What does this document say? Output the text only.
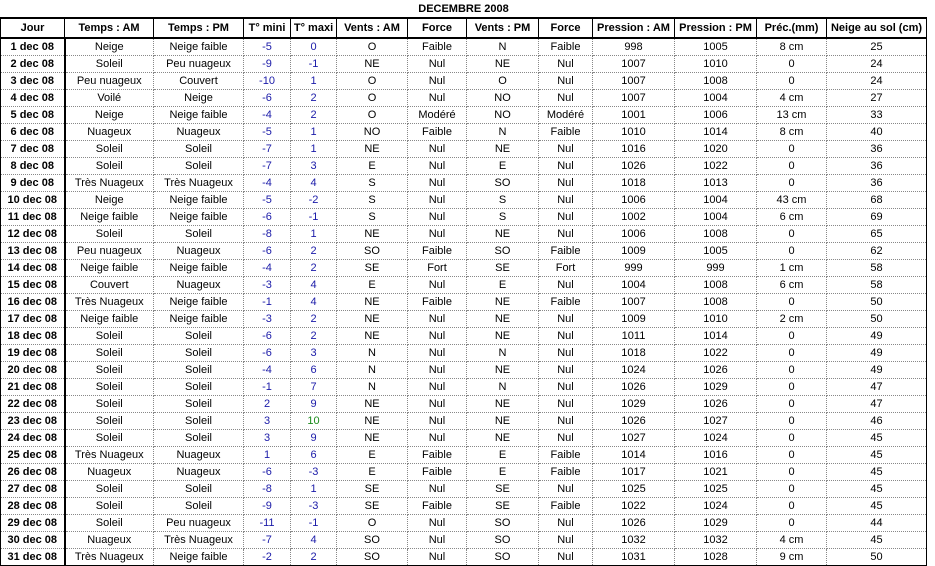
DECEMBRE 2008												
Jour	Temps : AM	Temps : PM	T° mini	T° maxi	Vents : AM	Force	Vents : PM	Force	Pression : AM	Pression : PM	Préc.(mm)	Neige au sol (cm)
1 dec 08	Neige	Neige faible	-5	0	O	Faible	N	Faible	998	1005	8 cm	25
2 dec 08	Soleil	Peu nuageux	-9	-1	NE	Nul	NE	Nul	1007	1010	0	24
3 dec 08	Peu nuageux	Couvert	-10	1	O	Nul	O	Nul	1007	1008	0	24
4 dec 08	Voilé	Neige	-6	2	O	Nul	NO	Nul	1007	1004	4 cm	27
5 dec 08	Neige	Neige faible	-4	2	O	Modéré	NO	Modéré	1001	1006	13 cm	33
6 dec 08	Nuageux	Nuageux	-5	1	NO	Faible	N	Faible	1010	1014	8 cm	40
7 dec 08	Soleil	Soleil	-7	1	NE	Nul	NE	Nul	1016	1020	0	36
8 dec 08	Soleil	Soleil	-7	3	E	Nul	E	Nul	1026	1022	0	36
9 dec 08	Très Nuageux	Très Nuageux	-4	4	S	Nul	SO	Nul	1018	1013	0	36
10 dec 08	Neige	Neige faible	-5	-2	S	Nul	S	Nul	1006	1004	43 cm	68
11 dec 08	Neige faible	Neige faible	-6	-1	S	Nul	S	Nul	1002	1004	6 cm	69
12 dec 08	Soleil	Soleil	-8	1	NE	Nul	NE	Nul	1006	1008	0	65
13 dec 08	Peu nuageux	Nuageux	-6	2	SO	Faible	SO	Faible	1009	1005	0	62
14 dec 08	Neige faible	Neige faible	-4	2	SE	Fort	SE	Fort	999	999	1 cm	58
15 dec 08	Couvert	Nuageux	-3	4	E	Nul	E	Nul	1004	1008	6 cm	58
16 dec 08	Très Nuageux	Neige faible	-1	4	NE	Faible	NE	Faible	1007	1008	0	50
17 dec 08	Neige faible	Neige faible	-3	2	NE	Nul	NE	Nul	1009	1010	2 cm	50
18 dec 08	Soleil	Soleil	-6	2	NE	Nul	NE	Nul	1011	1014	0	49
19 dec 08	Soleil	Soleil	-6	3	N	Nul	N	Nul	1018	1022	0	49
20 dec 08	Soleil	Soleil	-4	6	N	Nul	NE	Nul	1024	1026	0	49
21 dec 08	Soleil	Soleil	-1	7	N	Nul	N	Nul	1026	1029	0	47
22 dec 08	Soleil	Soleil	2	9	NE	Nul	NE	Nul	1029	1026	0	47
23 dec 08	Soleil	Soleil	3	10	NE	Nul	NE	Nul	1026	1027	0	46
24 dec 08	Soleil	Soleil	3	9	NE	Nul	NE	Nul	1027	1024	0	45
25 dec 08	Très Nuageux	Nuageux	1	6	E	Faible	E	Faible	1014	1016	0	45
26 dec 08	Nuageux	Nuageux	-6	-3	E	Faible	E	Faible	1017	1021	0	45
27 dec 08	Soleil	Soleil	-8	1	SE	Nul	SE	Nul	1025	1025	0	45
28 dec 08	Soleil	Soleil	-9	-3	SE	Faible	SE	Faible	1022	1024	0	45
29 dec 08	Soleil	Peu nuageux	-11	-1	O	Nul	SO	Nul	1026	1029	0	44
30 dec 08	Nuageux	Très Nuageux	-7	4	SO	Nul	SO	Nul	1032	1032	4 cm	45
31 dec 08	Très Nuageux	Neige faible	-2	2	SO	Nul	SO	Nul	1031	1028	9 cm	50
